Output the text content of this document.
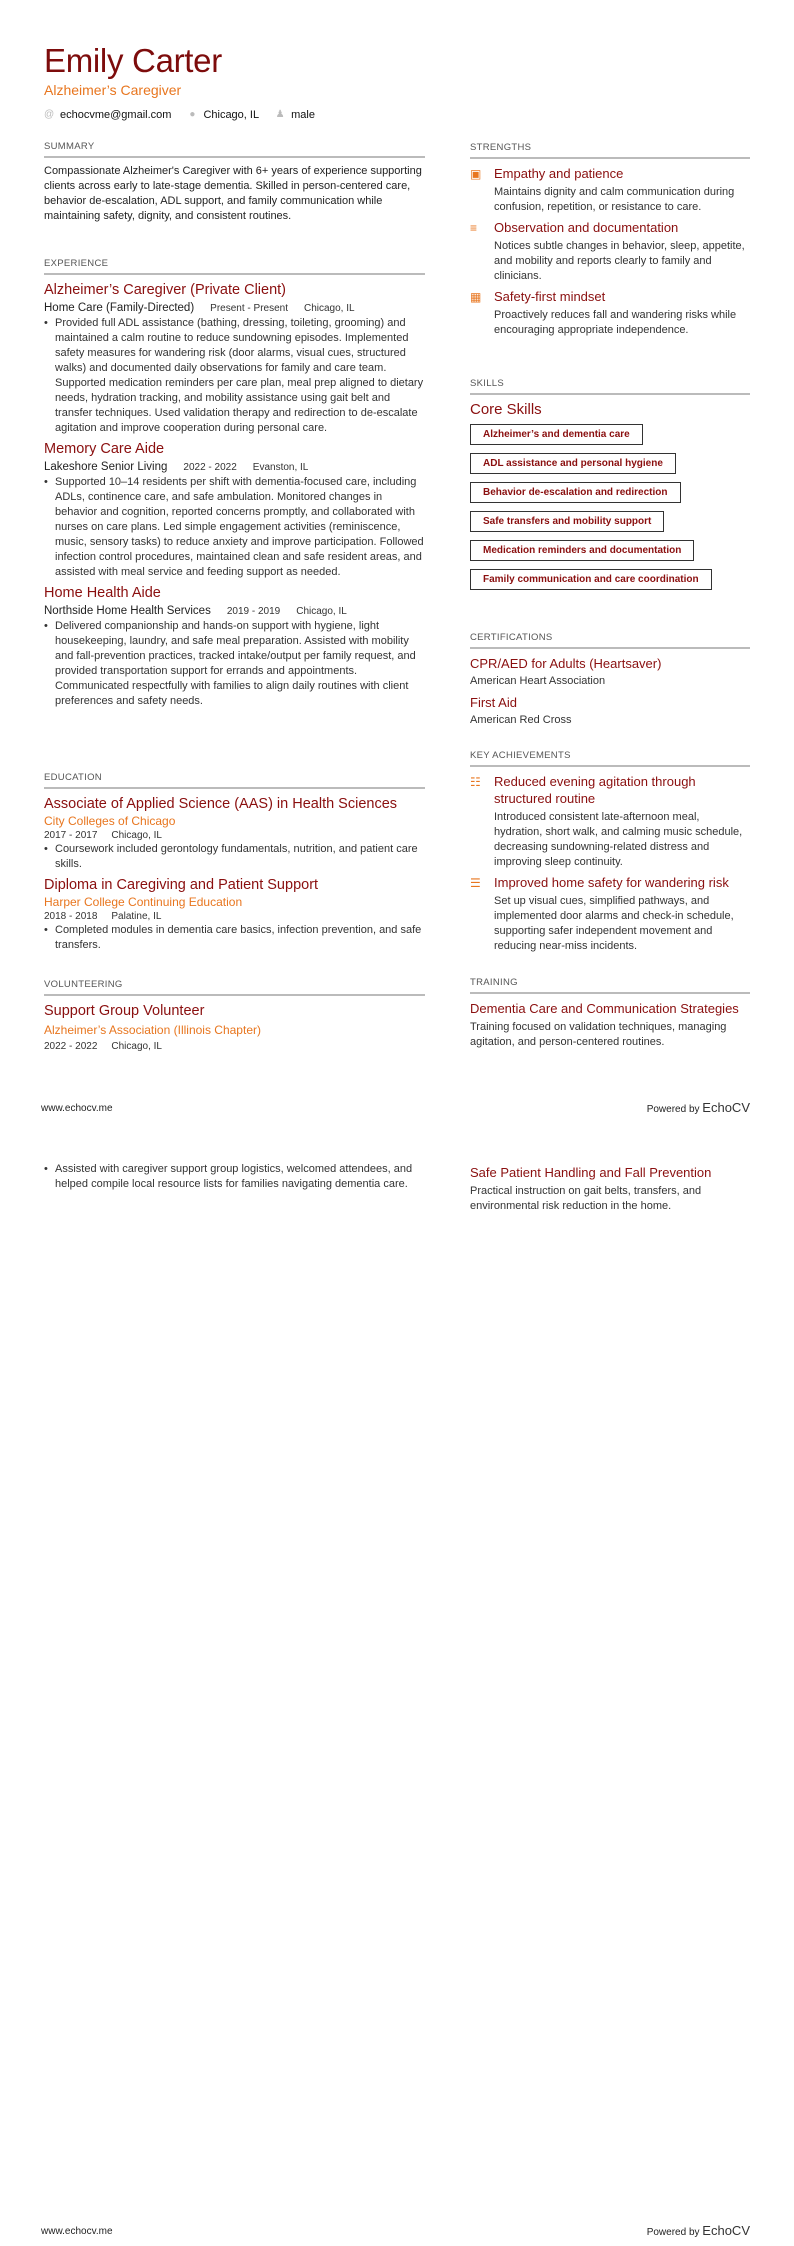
Emily Carter
Alzheimer’s Caregiver
@ echocvme@gmail.com ● Chicago, IL ♟ male
SUMMARY
Compassionate Alzheimer's Caregiver with 6+ years of experience supporting clients across early to late-stage dementia. Skilled in person-centered care, behavior de-escalation, ADL support, and family communication while maintaining safety, dignity, and consistent routines.
EXPERIENCE
Alzheimer’s Caregiver (Private Client)
Home Care (Family-Directed) Present - Present Chicago, IL
• Provided full ADL assistance (bathing, dressing, toileting, grooming) and maintained a calm routine to reduce sundowning episodes. Implemented safety measures for wandering risk (door alarms, visual cues, structured walks) and documented daily observations for family and care team. Supported medication reminders per care plan, meal prep aligned to dietary needs, hydration tracking, and mobility assistance using gait belt and transfer techniques. Used validation therapy and redirection to de-escalate agitation and improve cooperation during personal care.
Memory Care Aide
Lakeshore Senior Living 2022 - 2022 Evanston, IL
• Supported 10–14 residents per shift with dementia-focused care, including ADLs, continence care, and safe ambulation. Monitored changes in behavior and cognition, reported concerns promptly, and collaborated with nurses on care plans. Led simple engagement activities (reminiscence, music, sensory tasks) to reduce anxiety and improve participation. Followed infection control procedures, maintained clean and safe resident areas, and assisted with meal service and feeding support as needed.
Home Health Aide
Northside Home Health Services 2019 - 2019 Chicago, IL
• Delivered companionship and hands-on support with hygiene, light housekeeping, laundry, and safe meal preparation. Assisted with mobility and fall-prevention practices, tracked intake/output per family request, and provided transportation support for errands and appointments. Communicated respectfully with families to align daily routines with client preferences and safety needs.
EDUCATION
Associate of Applied Science (AAS) in Health Sciences
City Colleges of Chicago
2017 - 2017 Chicago, IL
• Coursework included gerontology fundamentals, nutrition, and patient care skills.
Diploma in Caregiving and Patient Support
Harper College Continuing Education
2018 - 2018 Palatine, IL
• Completed modules in dementia care basics, infection prevention, and safe transfers.
VOLUNTEERING
Support Group Volunteer
Alzheimer’s Association (Illinois Chapter)
2022 - 2022 Chicago, IL
• Assisted with caregiver support group logistics, welcomed attendees, and helped compile local resource lists for families navigating dementia care.
STRENGTHS
▣ Empathy and patience
Maintains dignity and calm communication during confusion, repetition, or resistance to care.
≡	Observation and documentation
Notices subtle changes in behavior, sleep, appetite, and mobility and reports clearly to family and clinicians.
▦ Safety-first mindset
Proactively reduces fall and wandering risks while encouraging appropriate independence.
SKILLS
Core Skills
Alzheimer’s and dementia care
ADL assistance and personal hygiene
Behavior de-escalation and redirection
Safe transfers and mobility support
Medication reminders and documentation
Family communication and care coordination
CERTIFICATIONS
CPR/AED for Adults (Heartsaver)
American Heart Association
First Aid
American Red Cross
KEY ACHIEVEMENTS
☷ Reduced evening agitation through structured routine
Introduced consistent late-afternoon meal, hydration, short walk, and calming music schedule, decreasing sundowning-related distress and improving sleep continuity.
☰ Improved home safety for wandering risk
Set up visual cues, simplified pathways, and implemented door alarms and check-in schedule, supporting safer independent movement and reducing near-miss incidents.
TRAINING
Dementia Care and Communication Strategies
Training focused on validation techniques, managing agitation, and person-centered routines.
Safe Patient Handling and Fall Prevention
Practical instruction on gait belts, transfers, and environmental risk reduction in the home.
www.echocv.me	Powered by EchoCV
www.echocv.me	Powered by EchoCV
